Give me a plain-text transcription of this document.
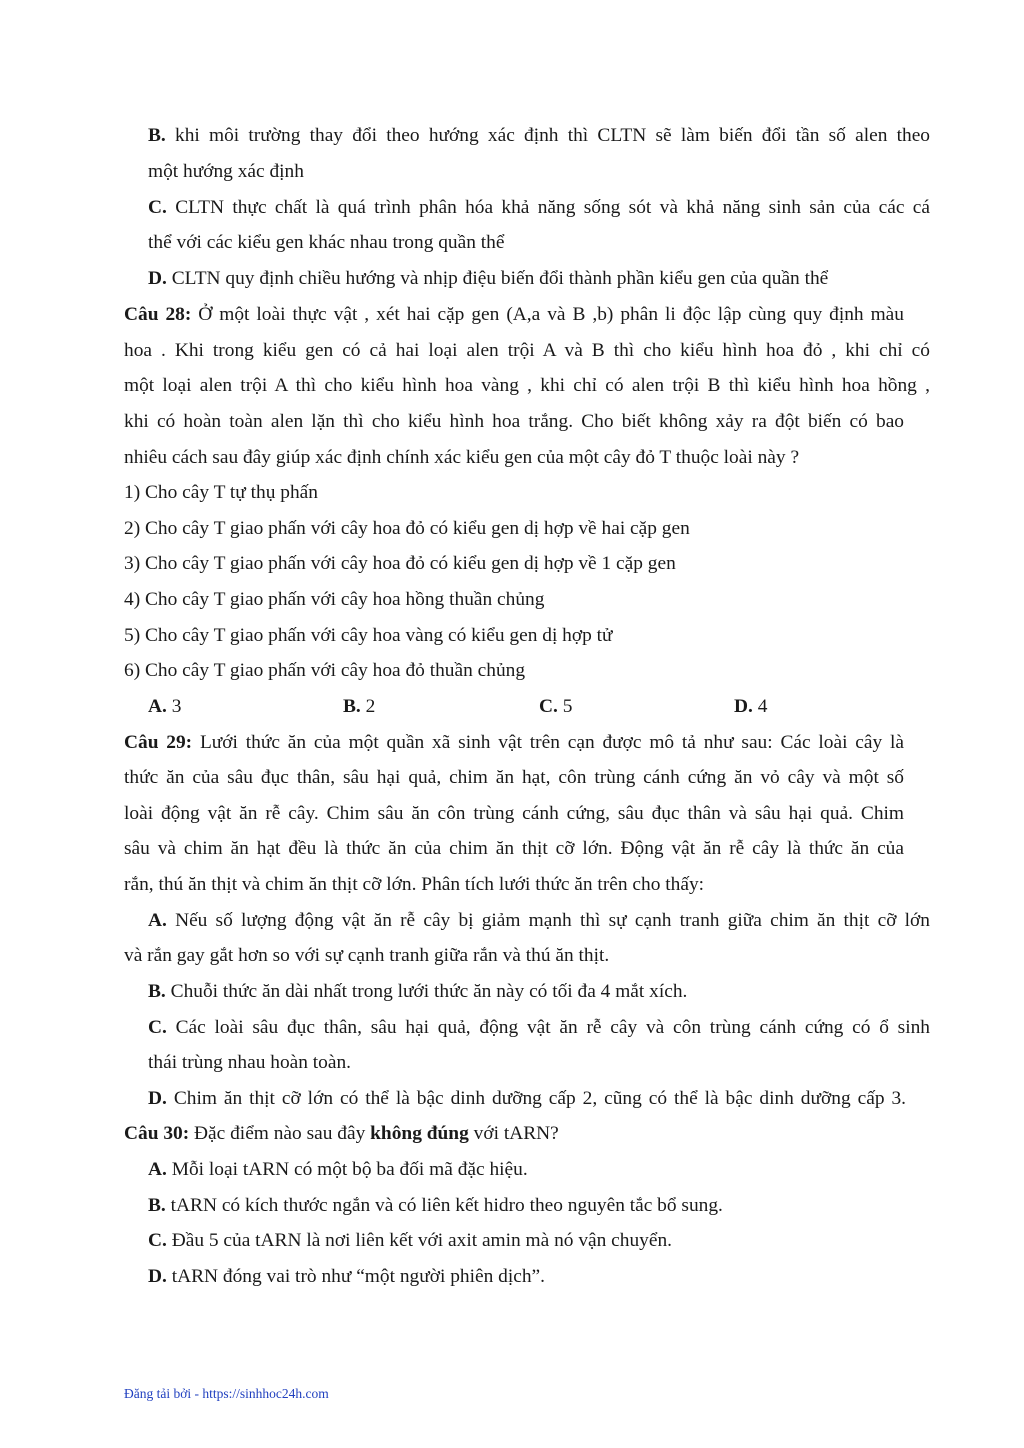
B. khi môi trường thay đổi theo hướng xác định thì CLTN sẽ làm biến đổi tần số alen theo
một hướng xác định
C. CLTN thực chất là quá trình phân hóa khả năng sống sót và khả năng sinh sản của các cá
thể với các kiểu gen khác nhau trong quần thể
D. CLTN quy định chiều hướng và nhịp điệu biến đổi thành phần kiểu gen của quần thể
Câu 28: Ở một loài thực vật , xét hai cặp gen (A,a và B ,b) phân li độc lập cùng quy định màu
hoa . Khi trong kiểu gen có cả hai loại alen trội A và B thì cho kiểu hình hoa đỏ , khi chỉ có
một loại alen trội A thì cho kiểu hình hoa vàng , khi chỉ có alen trội B thì kiểu hình hoa hồng ,
khi có hoàn toàn alen lặn thì cho kiểu hình hoa trắng. Cho biết không xảy ra đột biến có bao
nhiêu cách sau đây giúp xác định chính xác kiểu gen của một cây đỏ T thuộc loài này ?
1) Cho cây T tự thụ phấn
2) Cho cây T giao phấn với cây hoa đỏ có kiểu gen dị hợp về hai cặp gen
3) Cho cây T giao phấn với cây hoa đỏ có kiểu gen dị hợp về 1 cặp gen
4) Cho cây T giao phấn với cây hoa hồng thuần chủng
5) Cho cây T giao phấn với cây hoa vàng có kiểu gen dị hợp tử
6) Cho cây T giao phấn với cây hoa đỏ thuần chủng
A. 3	B. 2	C. 5	D. 4
Câu 29: Lưới thức ăn của một quần xã sinh vật trên cạn được mô tả như sau: Các loài cây là
thức ăn của sâu đục thân, sâu hại quả, chim ăn hạt, côn trùng cánh cứng ăn vỏ cây và một số
loài động vật ăn rễ cây. Chim sâu ăn côn trùng cánh cứng, sâu đục thân và sâu hại quả. Chim
sâu và chim ăn hạt đều là thức ăn của chim ăn thịt cỡ lớn. Động vật ăn rễ cây là thức ăn của
rắn, thú ăn thịt và chim ăn thịt cỡ lớn. Phân tích lưới thức ăn trên cho thấy:
A. Nếu số lượng động vật ăn rễ cây bị giảm mạnh thì sự cạnh tranh giữa chim ăn thịt cỡ lớn
và rắn gay gắt hơn so với sự cạnh tranh giữa rắn và thú ăn thịt.
B. Chuỗi thức ăn dài nhất trong lưới thức ăn này có tối đa 4 mắt xích.
C. Các loài sâu đục thân, sâu hại quả, động vật ăn rễ cây và côn trùng cánh cứng có ổ sinh
thái trùng nhau hoàn toàn.
D. Chim ăn thịt cỡ lớn có thể là bậc dinh dưỡng cấp 2, cũng có thể là bậc dinh dưỡng cấp 3.
Câu 30: Đặc điểm nào sau đây không đúng với tARN?
A. Mỗi loại tARN có một bộ ba đối mã đặc hiệu.
B. tARN có kích thước ngắn và có liên kết hidro theo nguyên tắc bổ sung.
C. Đầu 5 của tARN là nơi liên kết với axit amin mà nó vận chuyển.
D. tARN đóng vai trò như “một người phiên dịch”.
Đăng tải bởi - https://sinhhoc24h.com
